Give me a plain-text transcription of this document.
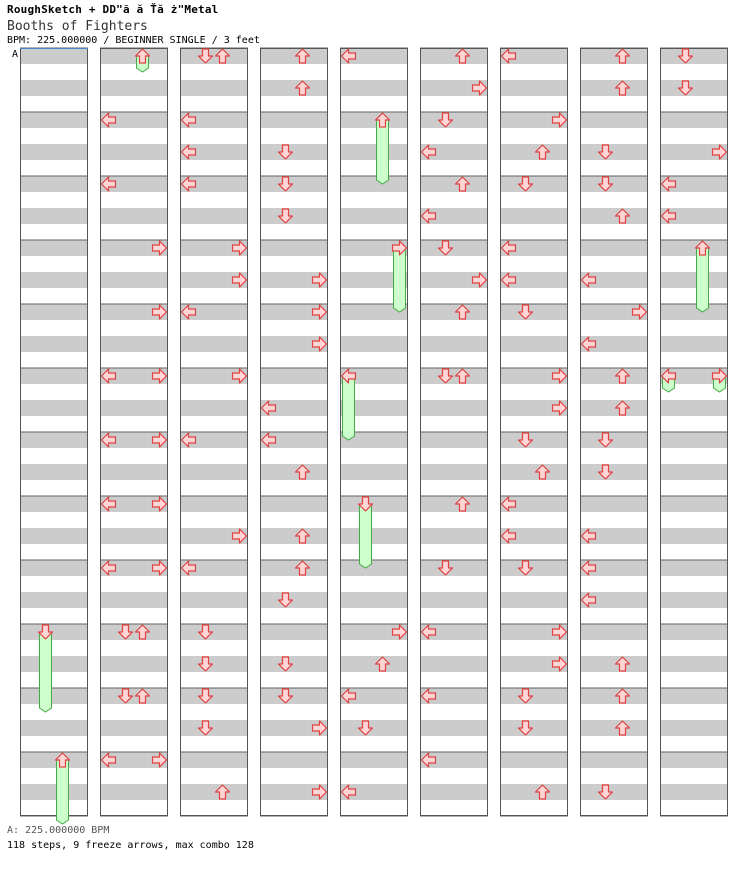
RoughSketch + DD"ã ă Ťă ż"Metal
Booths of Fighters
BPM: 225.000000 / BEGINNER SINGLE / 3 feet
A
A: 225.000000 BPM
118 steps, 9 freeze arrows, max combo 128
